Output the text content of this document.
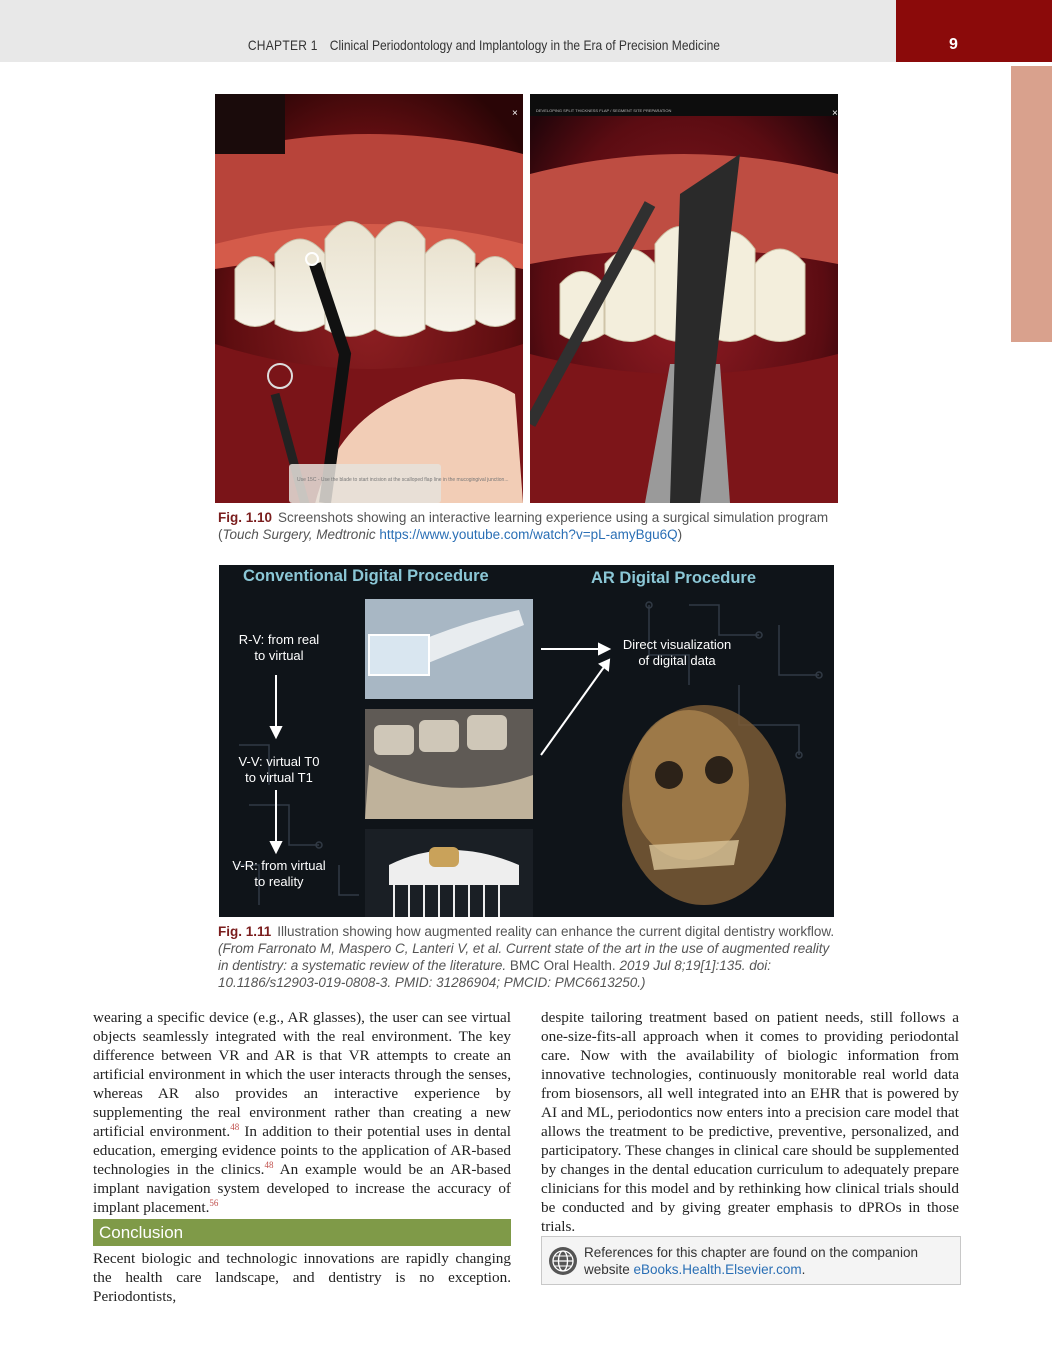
CHAPTER 1 Clinical Periodontology and Implantology in the Era of Precision Medicine	9
Use 15C - Use the blade to start incision at the scalloped flap line in the mucogingival junction...
×	DEVELOPING SPLIT THICKNESS FLAP / SEGMENT SITE PREPARATION	×
Fig. 1.10 Screenshots showing an interactive learning experience using a surgical simulation program (Touch Surgery, Medtronic https://www.youtube.com/watch?v=pL-amyBgu6Q)
Conventional Digital Procedure	AR Digital Procedure
R-V: from real to virtual
V-V: virtual T0 to virtual T1
V-R: from virtual to reality
Direct visualization of digital data
Fig. 1.11 Illustration showing how augmented reality can enhance the current digital dentistry workflow. (From Farronato M, Maspero C, Lanteri V, et al. Current state of the art in the use of augmented reality in dentistry: a systematic review of the literature. BMC Oral Health. 2019 Jul 8;19[1]:135. doi: 10.1186/s12903-019-0808-3. PMID: 31286904; PMCID: PMC6613250.)
wearing a specific device (e.g., AR glasses), the user can see virtual objects seamlessly integrated with the real environment. The key difference between VR and AR is that VR attempts to create an artificial environment in which the user interacts through the senses, whereas AR also provides an interactive experience by supplementing the real environment rather than creating a new artificial environment.$^{48}$ In addition to their potential uses in dental education, emerging evidence points to the application of AR-based technologies in the clinics.$^{48}$ An example would be an AR-based implant navigation system developed to increase the accuracy of implant placement.$^{56}$
Conclusion
Recent biologic and technologic innovations are rapidly changing the health care landscape, and dentistry is no exception. Periodontists,
despite tailoring treatment based on patient needs, still follows a one-size-fits-all approach when it comes to providing periodontal care. Now with the availability of biologic information from innovative technologies, continuously monitorable real world data from biosensors, all well integrated into an EHR that is powered by AI and ML, periodontics now enters into a precision care model that allows the treatment to be predictive, preventive, personalized, and participatory. These changes in clinical care should be supplemented by changes in the dental education curriculum to adequately prepare clinicians for this model and by rethinking how clinical trials should be conducted and by giving greater emphasis to dPROs in those trials.
References for this chapter are found on the companion website eBooks.Health.Elsevier.com.
